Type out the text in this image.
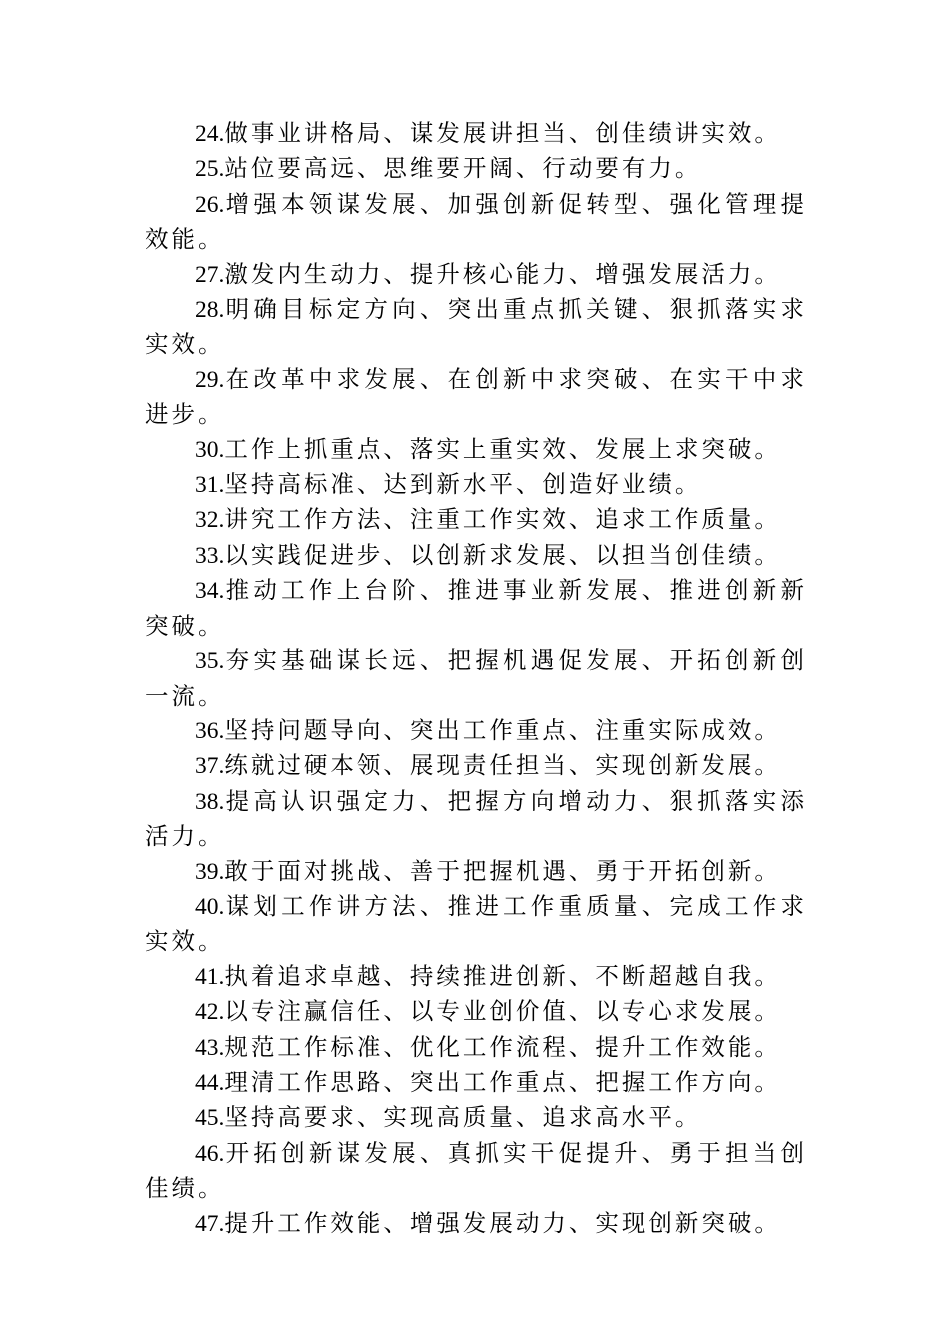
24.做事业讲格局、谋发展讲担当、创佳绩讲实效。

25.站位要高远、思维要开阔、行动要有力。

26.增强本领谋发展、加强创新促转型、强化管理提效能。

27.激发内生动力、提升核心能力、增强发展活力。

28.明确目标定方向、突出重点抓关键、狠抓落实求实效。

29.在改革中求发展、在创新中求突破、在实干中求进步。

30.工作上抓重点、落实上重实效、发展上求突破。

31.坚持高标准、达到新水平、创造好业绩。

32.讲究工作方法、注重工作实效、追求工作质量。

33.以实践促进步、以创新求发展、以担当创佳绩。

34.推动工作上台阶、推进事业新发展、推进创新新突破。

35.夯实基础谋长远、把握机遇促发展、开拓创新创一流。

36.坚持问题导向、突出工作重点、注重实际成效。

37.练就过硬本领、展现责任担当、实现创新发展。

38.提高认识强定力、把握方向增动力、狠抓落实添活力。

39.敢于面对挑战、善于把握机遇、勇于开拓创新。

40.谋划工作讲方法、推进工作重质量、完成工作求实效。

41.执着追求卓越、持续推进创新、不断超越自我。

42.以专注赢信任、以专业创价值、以专心求发展。

43.规范工作标准、优化工作流程、提升工作效能。

44.理清工作思路、突出工作重点、把握工作方向。

45.坚持高要求、实现高质量、追求高水平。

46.开拓创新谋发展、真抓实干促提升、勇于担当创佳绩。

47.提升工作效能、增强发展动力、实现创新突破。
